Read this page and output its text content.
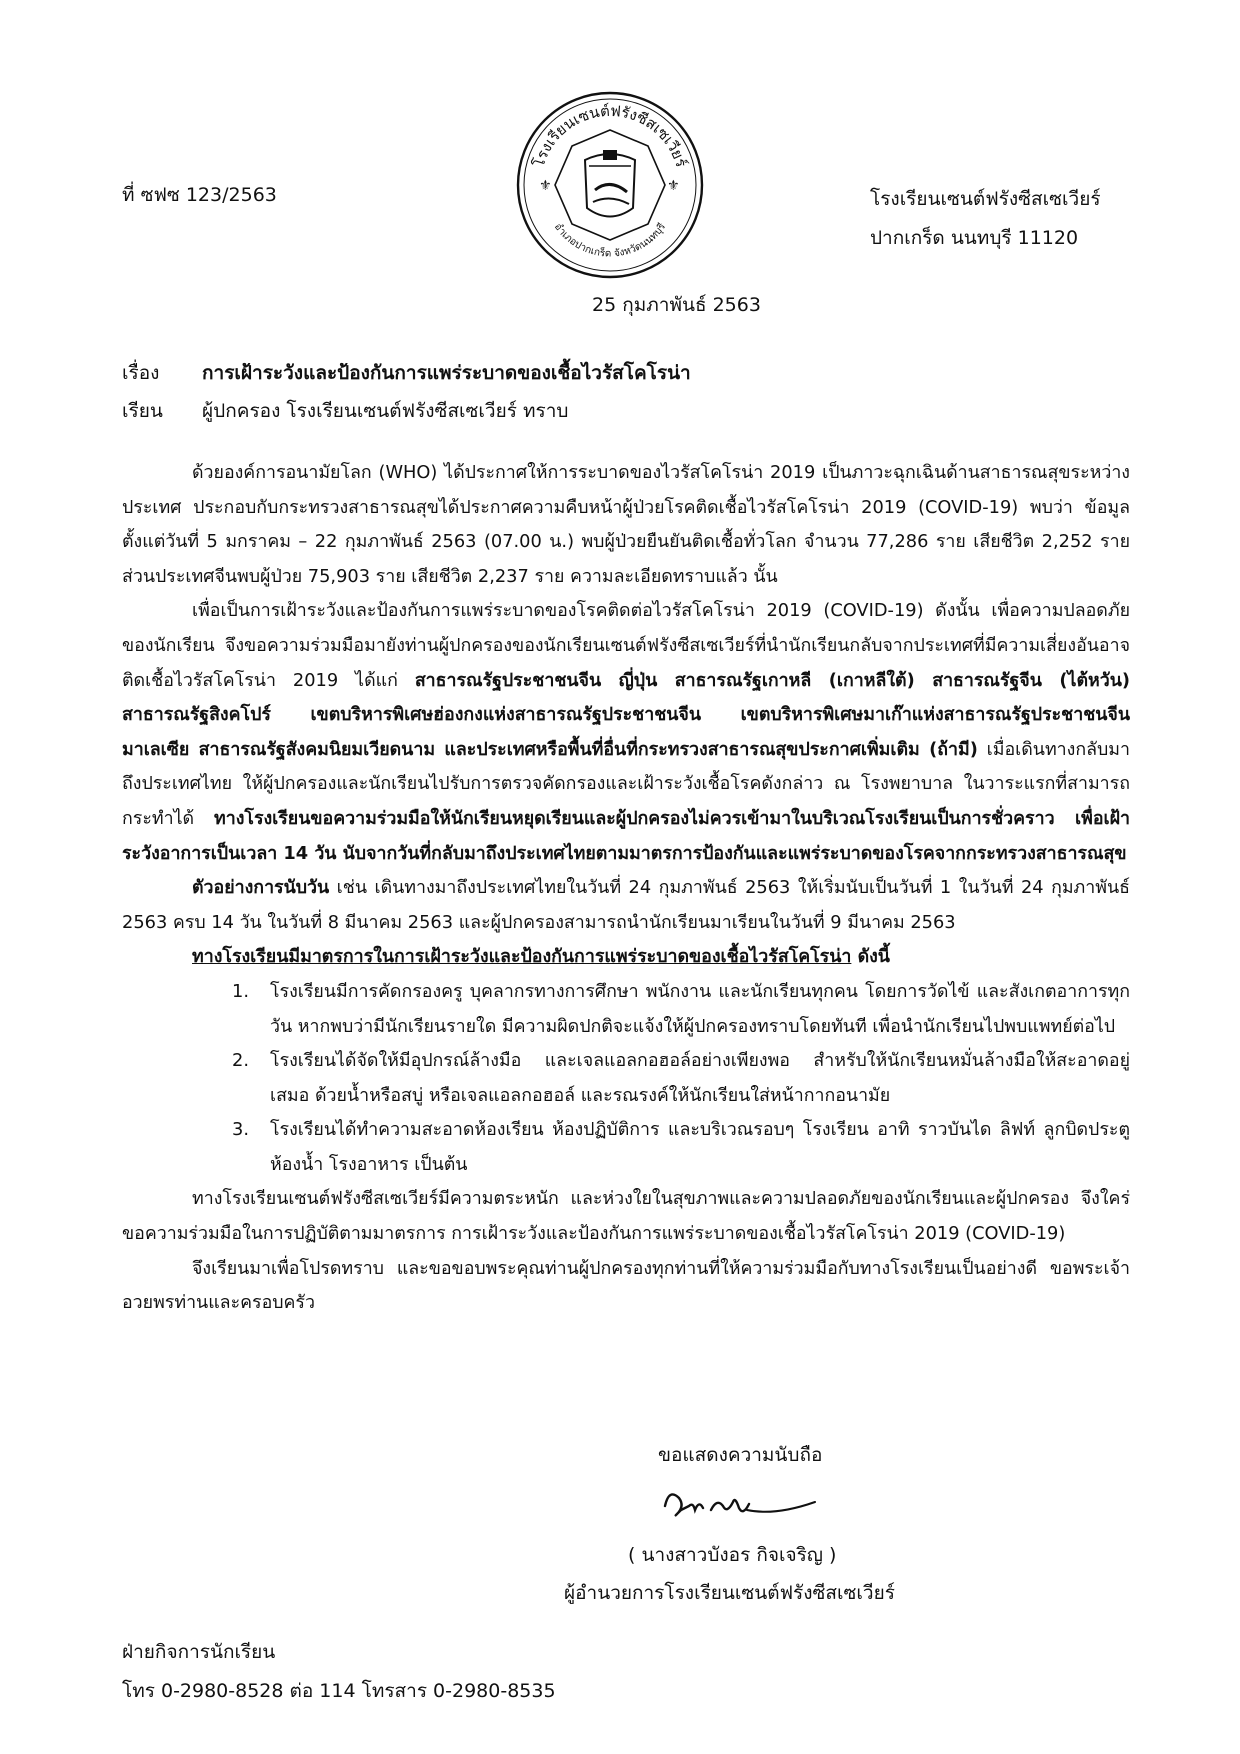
โรงเรียนเซนต์ฟรังซีสเซเวียร์
อำเภอปากเกร็ด จังหวัดนนทบุรี
⚜	⚜
ที่ ซฟซ 123/2563	โรงเรียนเซนต์ฟรังซีสเซเวียร์
ปากเกร็ด นนทบุรี 11120
25 กุมภาพันธ์ 2563
เรื่อง การเฝ้าระวังและป้องกันการแพร่ระบาดของเชื้อไวรัสโคโรน่า
เรียน ผู้ปกครอง โรงเรียนเซนต์ฟรังซีสเซเวียร์ ทราบ

ด้วยองค์การอนามัยโลก (WHO) ได้ประกาศให้การระบาดของไวรัสโคโรน่า 2019 เป็นภาวะฉุกเฉินด้านสาธารณสุขระหว่างประเทศ ประกอบกับกระทรวงสาธารณสุขได้ประกาศความคืบหน้าผู้ป่วยโรคติดเชื้อไวรัสโคโรน่า 2019 (COVID-19) พบว่า ข้อมูลตั้งแต่วันที่ 5 มกราคม – 22 กุมภาพันธ์ 2563 (07.00 น.) พบผู้ป่วยยืนยันติดเชื้อทั่วโลก จำนวน 77,286 ราย เสียชีวิต 2,252 ราย ส่วนประเทศจีนพบผู้ป่วย 75,903 ราย เสียชีวิต 2,237 ราย ความละเอียดทราบแล้ว นั้น

เพื่อเป็นการเฝ้าระวังและป้องกันการแพร่ระบาดของโรคติดต่อไวรัสโคโรน่า 2019 (COVID-19) ดังนั้น เพื่อความปลอดภัยของนักเรียน จึงขอความร่วมมือมายังท่านผู้ปกครองของนักเรียนเซนต์ฟรังซีสเซเวียร์ที่นำนักเรียนกลับจากประเทศที่มีความเสี่ยงอันอาจติดเชื้อไวรัสโคโรน่า 2019 ได้แก่ สาธารณรัฐประชาชนจีน ญี่ปุ่น สาธารณรัฐเกาหลี (เกาหลีใต้) สาธารณรัฐจีน (ไต้หวัน) สาธารณรัฐสิงคโปร์ เขตบริหารพิเศษฮ่องกงแห่งสาธารณรัฐประชาชนจีน เขตบริหารพิเศษมาเก๊าแห่งสาธารณรัฐประชาชนจีน มาเลเซีย สาธารณรัฐสังคมนิยมเวียดนาม และประเทศหรือพื้นที่อื่นที่กระทรวงสาธารณสุขประกาศเพิ่มเติม (ถ้ามี) เมื่อเดินทางกลับมาถึงประเทศไทย ให้ผู้ปกครองและนักเรียนไปรับการตรวจคัดกรองและเฝ้าระวังเชื้อโรคดังกล่าว ณ โรงพยาบาล ในวาระแรกที่สามารถกระทำได้ ทางโรงเรียนขอความร่วมมือให้นักเรียนหยุดเรียนและผู้ปกครองไม่ควรเข้ามาในบริเวณโรงเรียนเป็นการชั่วคราว เพื่อเฝ้าระวังอาการเป็นเวลา 14 วัน นับจากวันที่กลับมาถึงประเทศไทยตามมาตรการป้องกันและแพร่ระบาดของโรคจากกระทรวงสาธารณสุข

ตัวอย่างการนับวัน เช่น เดินทางมาถึงประเทศไทยในวันที่ 24 กุมภาพันธ์ 2563 ให้เริ่มนับเป็นวันที่ 1 ในวันที่ 24 กุมภาพันธ์ 2563 ครบ 14 วัน ในวันที่ 8 มีนาคม 2563 และผู้ปกครองสามารถนำนักเรียนมาเรียนในวันที่ 9 มีนาคม 2563

ทางโรงเรียนมีมาตรการในการเฝ้าระวังและป้องกันการแพร่ระบาดของเชื้อไวรัสโคโรน่า ดังนี้

1.	โรงเรียนมีการคัดกรองครู บุคลากรทางการศึกษา พนักงาน และนักเรียนทุกคน โดยการวัดไข้ และสังเกตอาการทุกวัน หากพบว่ามีนักเรียนรายใด มีความผิดปกติจะแจ้งให้ผู้ปกครองทราบโดยทันที เพื่อนำนักเรียนไปพบแพทย์ต่อไป
2.	โรงเรียนได้จัดให้มีอุปกรณ์ล้างมือ และเจลแอลกอฮอล์อย่างเพียงพอ สำหรับให้นักเรียนหมั่นล้างมือให้สะอาดอยู่เสมอ ด้วยน้ำหรือสบู่ หรือเจลแอลกอฮอล์ และรณรงค์ให้นักเรียนใส่หน้ากากอนามัย
3.	โรงเรียนได้ทำความสะอาดห้องเรียน ห้องปฏิบัติการ และบริเวณรอบๆ โรงเรียน อาทิ ราวบันได ลิฟท์ ลูกบิดประตู ห้องน้ำ โรงอาหาร เป็นต้น

ทางโรงเรียนเซนต์ฟรังซีสเซเวียร์มีความตระหนัก และห่วงใยในสุขภาพและความปลอดภัยของนักเรียนและผู้ปกครอง จึงใคร่ขอความร่วมมือในการปฏิบัติตามมาตรการ การเฝ้าระวังและป้องกันการแพร่ระบาดของเชื้อไวรัสโคโรน่า 2019 (COVID-19)

จึงเรียนมาเพื่อโปรดทราบ และขอขอบพระคุณท่านผู้ปกครองทุกท่านที่ให้ความร่วมมือกับทางโรงเรียนเป็นอย่างดี ขอพระเจ้าอวยพรท่านและครอบครัว

ขอแสดงความนับถือ
( นางสาวบังอร กิจเจริญ )
ผู้อำนวยการโรงเรียนเซนต์ฟรังซีสเซเวียร์
ฝ่ายกิจการนักเรียน
โทร 0-2980-8528 ต่อ 114 โทรสาร 0-2980-8535
